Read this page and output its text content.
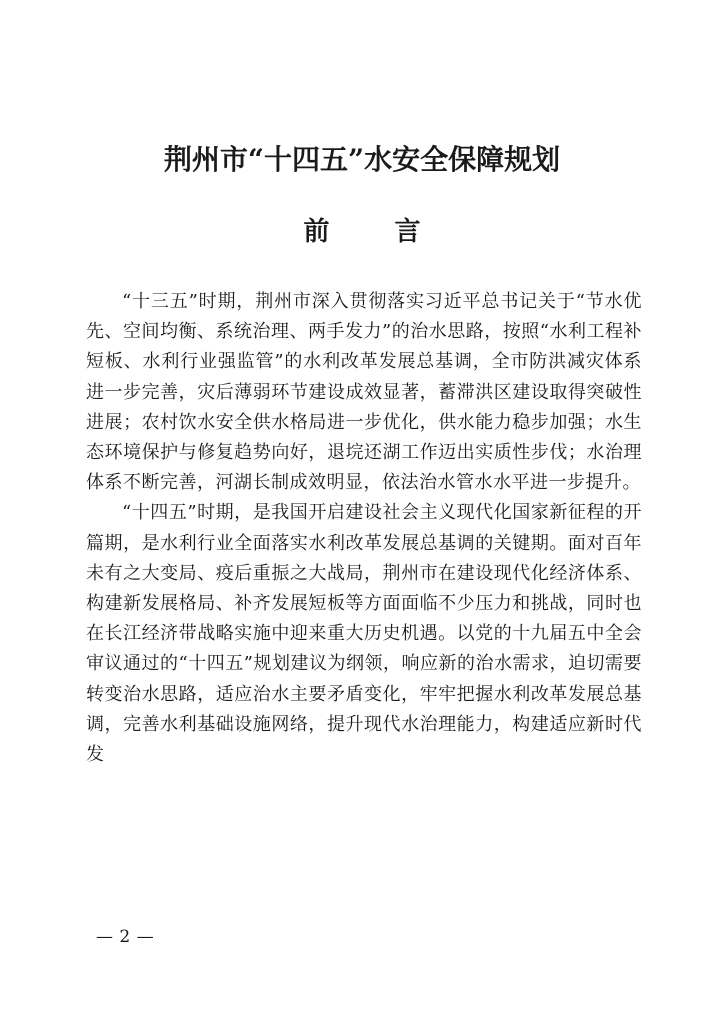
荆州市“十四五”水安全保障规划
前 言

“十三五”时期，荆州市深入贯彻落实习近平总书记关于“节水优先、空间均衡、系统治理、两手发力”的治水思路，按照“水利工程补短板、水利行业强监管”的水利改革发展总基调，全市防洪减灾体系进一步完善，灾后薄弱环节建设成效显著，蓄滞洪区建设取得突破性进展；农村饮水安全供水格局进一步优化，供水能力稳步加强；水生态环境保护与修复趋势向好，退垸还湖工作迈出实质性步伐；水治理体系不断完善，河湖长制成效明显，依法治水管水水平进一步提升。

“十四五”时期，是我国开启建设社会主义现代化国家新征程的开篇期，是水利行业全面落实水利改革发展总基调的关键期。面对百年未有之大变局、疫后重振之大战局，荆州市在建设现代化经济体系、构建新发展格局、补齐发展短板等方面面临不少压力和挑战，同时也在长江经济带战略实施中迎来重大历史机遇。以党的十九届五中全会审议通过的“十四五”规划建议为纲领，响应新的治水需求，迫切需要转变治水思路，适应治水主要矛盾变化，牢牢把握水利改革发展总基调，完善水利基础设施网络，提升现代水治理能力，构建适应新时代发

— 2 —
